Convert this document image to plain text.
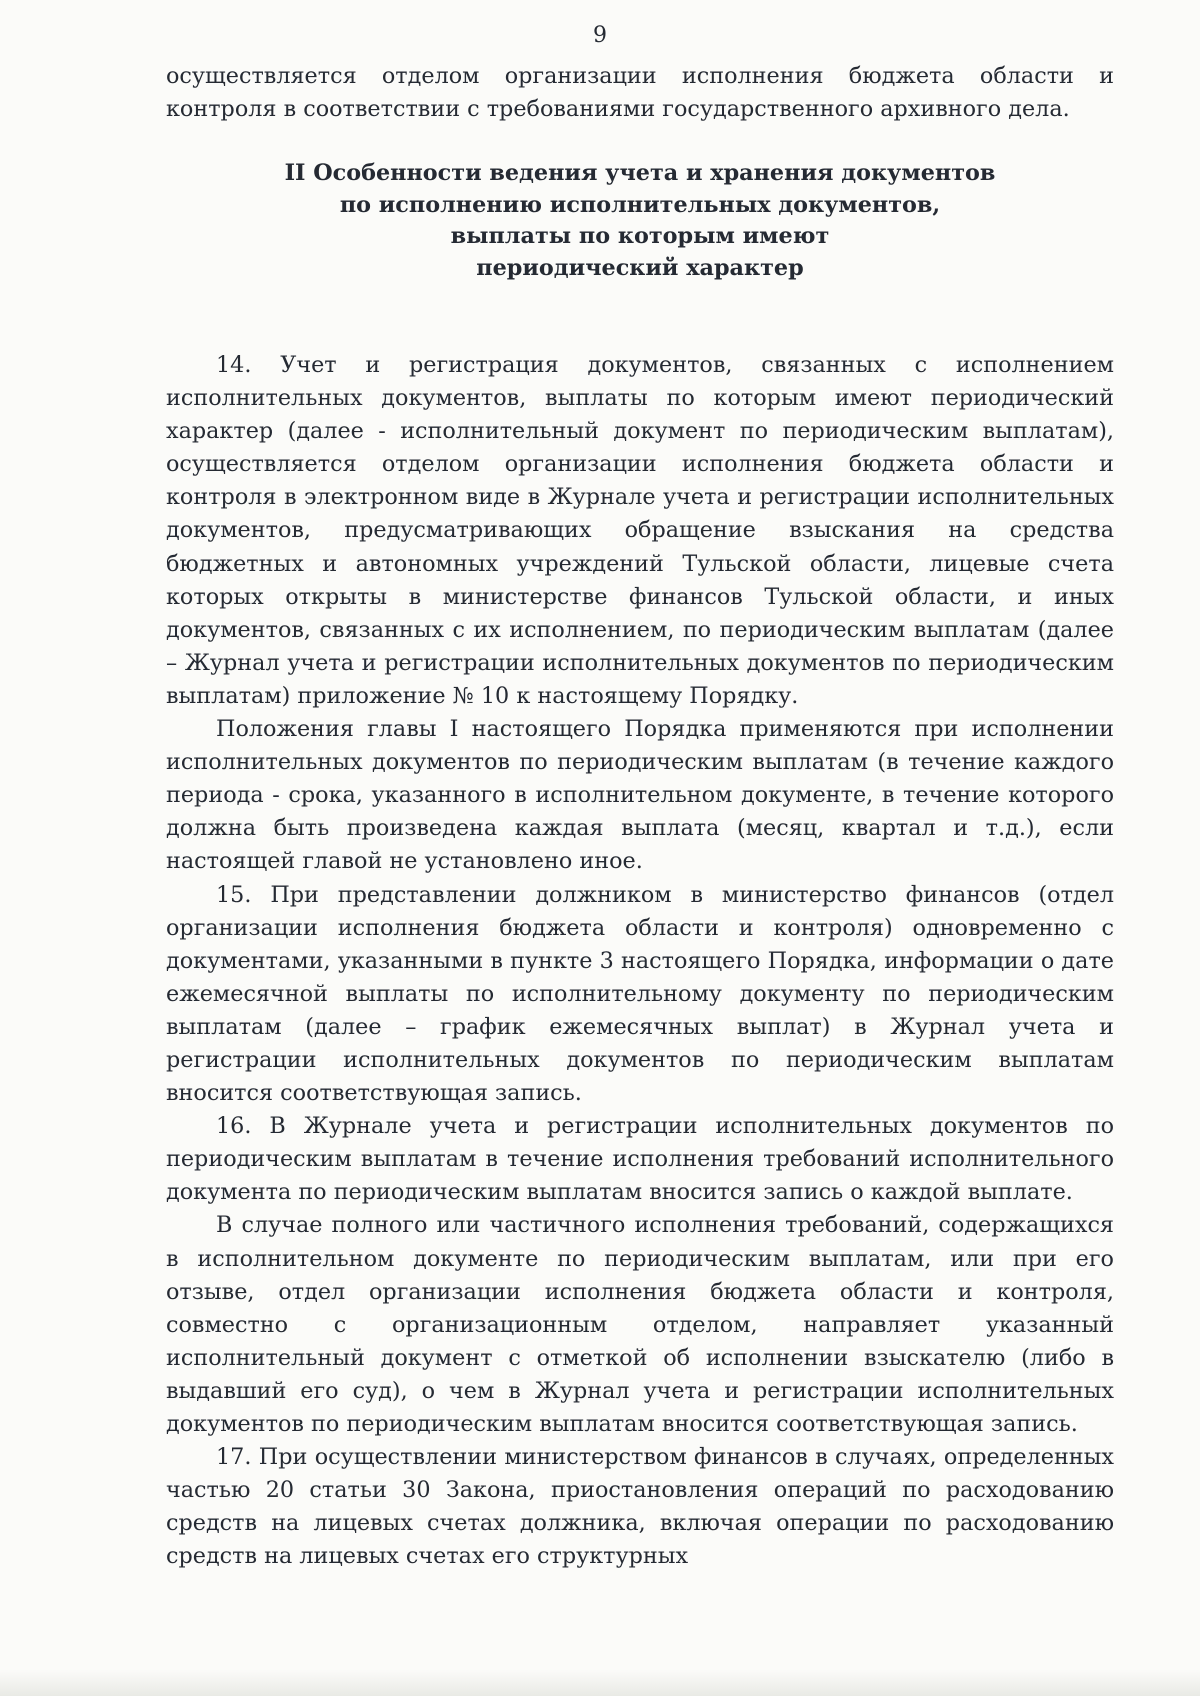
9

осуществляется отделом организации исполнения бюджета области и контроля в соответствии с требованиями государственного архивного дела.

II Особенности ведения учета и хранения документов
по исполнению исполнительных документов,
выплаты по которым имеют
периодический характер

14. Учет и регистрация документов, связанных с исполнением исполнительных документов, выплаты по которым имеют периодический характер (далее - исполнительный документ по периодическим выплатам), осуществляется отделом организации исполнения бюджета области и контроля в электронном виде в Журнале учета и регистрации исполнительных документов, предусматривающих обращение взыскания на средства бюджетных и автономных учреждений Тульской области, лицевые счета которых открыты в министерстве финансов Тульской области, и иных документов, связанных с их исполнением, по периодическим выплатам (далее – Журнал учета и регистрации исполнительных документов по периодическим выплатам) приложение № 10 к настоящему Порядку.

Положения главы I настоящего Порядка применяются при исполнении исполнительных документов по периодическим выплатам (в течение каждого периода - срока, указанного в исполнительном документе, в течение которого должна быть произведена каждая выплата (месяц, квартал и т.д.), если настоящей главой не установлено иное.

15. При представлении должником в министерство финансов (отдел организации исполнения бюджета области и контроля) одновременно с документами, указанными в пункте 3 настоящего Порядка, информации о дате ежемесячной выплаты по исполнительному документу по периодическим выплатам (далее – график ежемесячных выплат) в Журнал учета и регистрации исполнительных документов по периодическим выплатам вносится соответствующая запись.

16. В Журнале учета и регистрации исполнительных документов по периодическим выплатам в течение исполнения требований исполнительного документа по периодическим выплатам вносится запись о каждой выплате.

В случае полного или частичного исполнения требований, содержащихся в исполнительном документе по периодическим выплатам, или при его отзыве, отдел организации исполнения бюджета области и контроля, совместно с организационным отделом, направляет указанный исполнительный документ с отметкой об исполнении взыскателю (либо в выдавший его суд), о чем в Журнал учета и регистрации исполнительных документов по периодическим выплатам вносится соответствующая запись.

17. При осуществлении министерством финансов в случаях, определенных частью 20 статьи 30 Закона, приостановления операций по расходованию средств на лицевых счетах должника, включая операции по расходованию средств на лицевых счетах его структурных
